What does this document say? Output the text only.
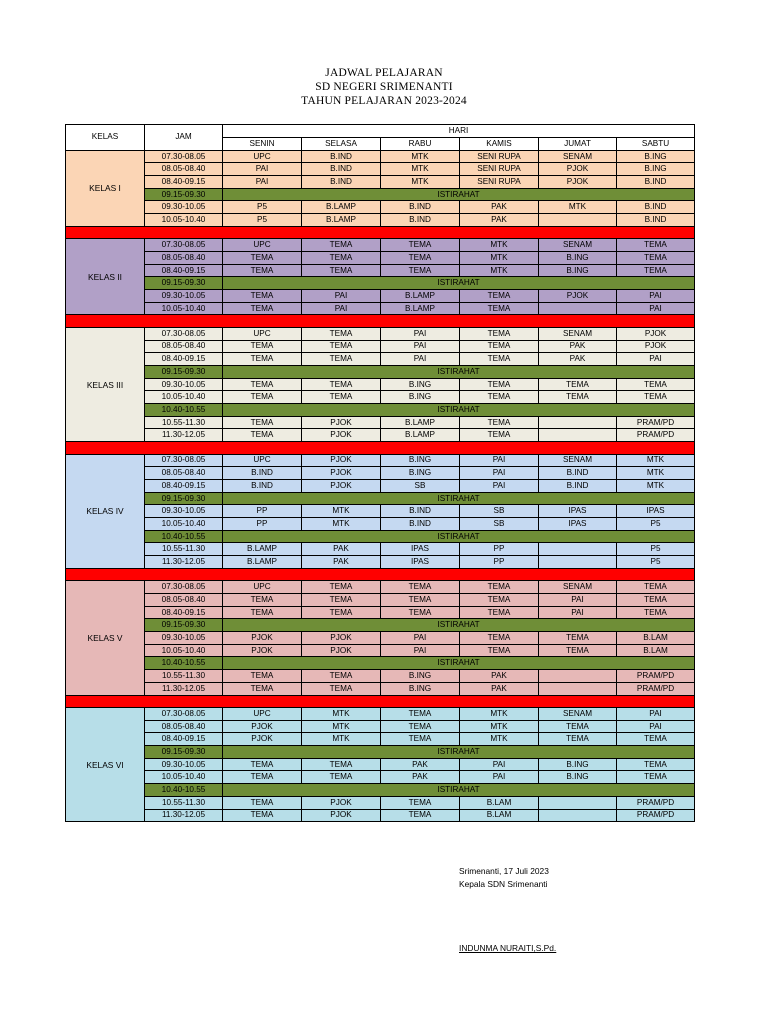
JADWAL PELAJARAN
SD NEGERI SRIMENANTI
TAHUN PELAJARAN 2023-2024
KELAS	JAM	HARI					
		SENIN	SELASA	RABU	KAMIS	JUMAT	SABTU
KELAS I	07.30-08.05	UPC	B.IND	MTK	SENI RUPA	SENAM	B.ING
	08.05-08.40	PAI	B.IND	MTK	SENI RUPA	PJOK	B.ING
	08.40-09.15	PAI	B.IND	MTK	SENI RUPA	PJOK	B.IND
	09.15-09.30	ISTIRAHAT					
	09.30-10.05	P5	B.LAMP	B.IND	PAK	MTK	B.IND
	10.05-10.40	P5	B.LAMP	B.IND	PAK		B.IND

KELAS II	07.30-08.05	UPC	TEMA	TEMA	MTK	SENAM	TEMA
	08.05-08.40	TEMA	TEMA	TEMA	MTK	B.ING	TEMA
	08.40-09.15	TEMA	TEMA	TEMA	MTK	B.ING	TEMA
	09.15-09.30	ISTIRAHAT					
	09.30-10.05	TEMA	PAI	B.LAMP	TEMA	PJOK	PAI
	10.05-10.40	TEMA	PAI	B.LAMP	TEMA		PAI

KELAS III	07.30-08.05	UPC	TEMA	PAI	TEMA	SENAM	PJOK
	08.05-08.40	TEMA	TEMA	PAI	TEMA	PAK	PJOK
	08.40-09.15	TEMA	TEMA	PAI	TEMA	PAK	PAI
	09.15-09.30	ISTIRAHAT					
	09.30-10.05	TEMA	TEMA	B.ING	TEMA	TEMA	TEMA
	10.05-10.40	TEMA	TEMA	B.ING	TEMA	TEMA	TEMA
	10.40-10.55	ISTIRAHAT					
	10.55-11.30	TEMA	PJOK	B.LAMP	TEMA		PRAM/PD
	11.30-12.05	TEMA	PJOK	B.LAMP	TEMA		PRAM/PD

KELAS IV	07.30-08.05	UPC	PJOK	B.ING	PAI	SENAM	MTK
	08.05-08.40	B.IND	PJOK	B.ING	PAI	B.IND	MTK
	08.40-09.15	B.IND	PJOK	SB	PAI	B.IND	MTK
	09.15-09.30	ISTIRAHAT					
	09.30-10.05	PP	MTK	B.IND	SB	IPAS	IPAS
	10.05-10.40	PP	MTK	B.IND	SB	IPAS	P5
	10.40-10.55	ISTIRAHAT					
	10.55-11.30	B.LAMP	PAK	IPAS	PP		P5
	11.30-12.05	B.LAMP	PAK	IPAS	PP		P5

KELAS V	07.30-08.05	UPC	TEMA	TEMA	TEMA	SENAM	TEMA
	08.05-08.40	TEMA	TEMA	TEMA	TEMA	PAI	TEMA
	08.40-09.15	TEMA	TEMA	TEMA	TEMA	PAI	TEMA
	09.15-09.30	ISTIRAHAT					
	09.30-10.05	PJOK	PJOK	PAI	TEMA	TEMA	B.LAM
	10.05-10.40	PJOK	PJOK	PAI	TEMA	TEMA	B.LAM
	10.40-10.55	ISTIRAHAT					
	10.55-11.30	TEMA	TEMA	B.ING	PAK		PRAM/PD
	11.30-12.05	TEMA	TEMA	B.ING	PAK		PRAM/PD

KELAS VI	07.30-08.05	UPC	MTK	TEMA	MTK	SENAM	PAI
	08.05-08.40	PJOK	MTK	TEMA	MTK	TEMA	PAI
	08.40-09.15	PJOK	MTK	TEMA	MTK	TEMA	TEMA
	09.15-09.30	ISTIRAHAT					
	09.30-10.05	TEMA	TEMA	PAK	PAI	B.ING	TEMA
	10.05-10.40	TEMA	TEMA	PAK	PAI	B.ING	TEMA
	10.40-10.55	ISTIRAHAT					
	10.55-11.30	TEMA	PJOK	TEMA	B.LAM		PRAM/PD
	11.30-12.05	TEMA	PJOK	TEMA	B.LAM		PRAM/PD
Srimenanti, 17 Juli 2023
Kepala SDN Srimenanti
INDUNMA NURAITI,S.Pd.
